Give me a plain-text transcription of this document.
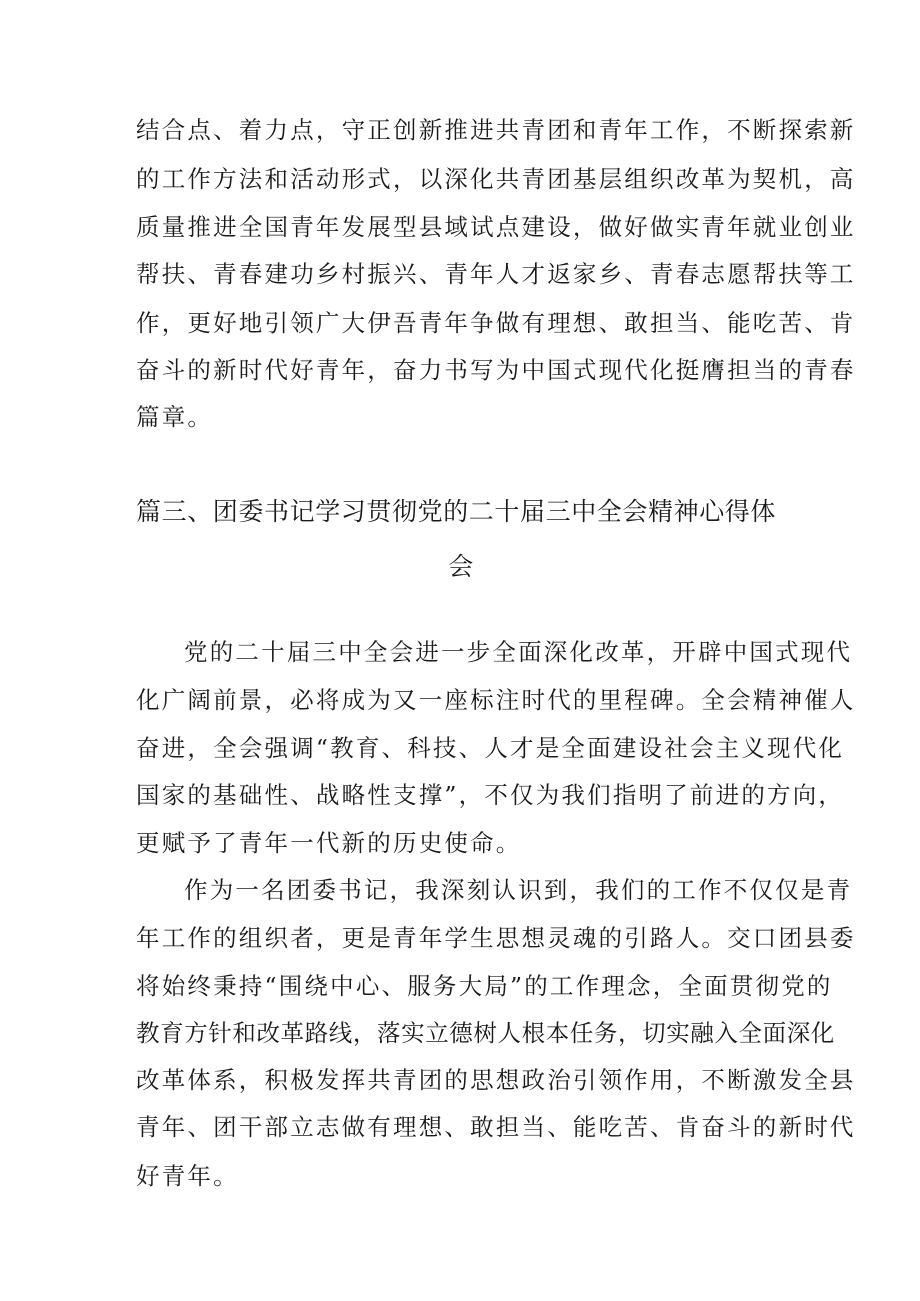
结合点、着力点，守正创新推进共青团和青年工作，不断探索新
的工作方法和活动形式，以深化共青团基层组织改革为契机，高
质量推进全国青年发展型县域试点建设，做好做实青年就业创业
帮扶、青春建功乡村振兴、青年人才返家乡、青春志愿帮扶等工
作，更好地引领广大伊吾青年争做有理想、敢担当、能吃苦、肯
奋斗的新时代好青年，奋力书写为中国式现代化挺膺担当的青春
篇章。
篇三、团委书记学习贯彻党的二十届三中全会精神心得体
会
党的二十届三中全会进一步全面深化改革，开辟中国式现代
化广阔前景，必将成为又一座标注时代的里程碑。全会精神催人
奋进，全会强调“教育、科技、人才是全面建设社会主义现代化
国家的基础性、战略性支撑”，不仅为我们指明了前进的方向，
更赋予了青年一代新的历史使命。
作为一名团委书记，我深刻认识到，我们的工作不仅仅是青
年工作的组织者，更是青年学生思想灵魂的引路人。交口团县委
将始终秉持“围绕中心、服务大局”的工作理念，全面贯彻党的
教育方针和改革路线，落实立德树人根本任务，切实融入全面深化
改革体系，积极发挥共青团的思想政治引领作用，不断激发全县
青年、团干部立志做有理想、敢担当、能吃苦、肯奋斗的新时代
好青年。
